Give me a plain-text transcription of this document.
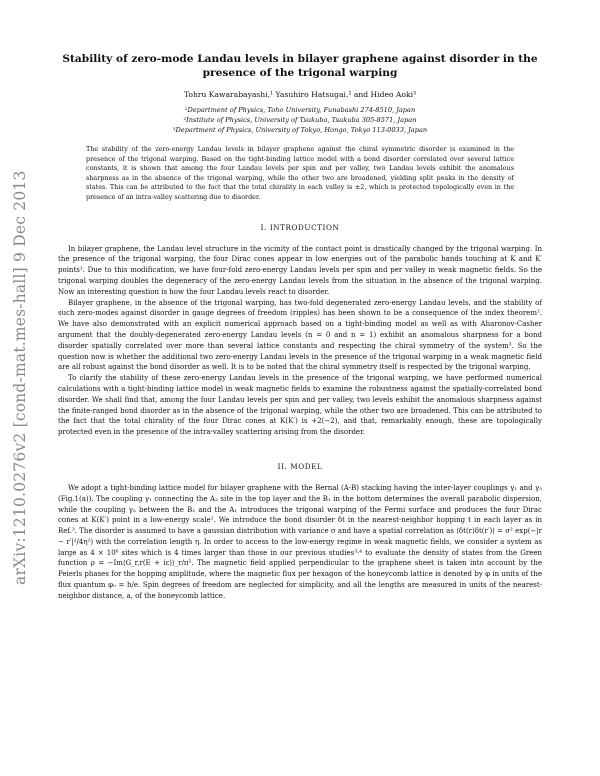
arXiv:1210.0276v2 [cond-mat.mes-hall] 9 Dec 2013
Stability of zero-mode Landau levels in bilayer graphene against disorder in the
presence of the trigonal warping
Tohru Kawarabayashi,¹ Yasuhiro Hatsugai,² and Hideo Aoki³
¹Department of Physics, Toho University, Funabashi 274-8510, Japan
²Institute of Physics, University of Tsukuba, Tsukuba 305-8571, Japan
³Department of Physics, University of Tokyo, Hongo, Tokyo 113-0033, Japan

The stability of the zero-energy Landau levels in bilayer graphene against the chiral symmetric disorder is examined in the presence of the trigonal warping. Based on the tight-binding lattice model with a bond disorder correlated over several lattice constants, it is shown that among the four Landau levels per spin and per valley, two Landau levels exhibit the anomalous sharpness as in the absence of the trigonal warping, while the other two are broadened, yielding split peaks in the density of states. This can be attributed to the fact that the total chirality in each valley is ±2, which is protected topologically even in the presence of an intra-valley scattering due to disorder.

I. INTRODUCTION

In bilayer graphene, the Landau level structure in the vicinity of the contact point is drastically changed by the trigonal warping. In the presence of the trigonal warping, the four Dirac cones appear in low energies out of the parabolic bands touching at K and K′ points¹. Due to this modification, we have four-fold zero-energy Landau levels per spin and per valley in weak magnetic fields. So the trigonal warping doubles the degeneracy of the zero-energy Landau levels from the situation in the absence of the trigonal warping. Now an interesting question is how the four Landau levels react to disorder.

Bilayer graphene, in the absence of the trigonal warping, has two-fold degenerated zero-energy Landau levels, and the stability of such zero-modes against disorder in gauge degrees of freedom (ripples) has been shown to be a consequence of the index theorem². We have also demonstrated with an explicit numerical approach based on a tight-binding model as well as with Aharonov-Casher argument that the doubly-degenerated zero-energy Landau levels (n = 0 and n = 1) exhibit an anomalous sharpness for a bond disorder spatially correlated over more than several lattice constants and respecting the chiral symmetry of the system³. So the question now is whether the additional two zero-energy Landau levels in the presence of the trigonal warping in a weak magnetic field are all robust against the bond disorder as well. It is to be noted that the chiral symmetry itself is respected by the trigonal warping.

To clarify the stability of these zero-energy Landau levels in the presence of the trigonal warping, we have performed numerical calculations with a tight-binding lattice model in weak magnetic fields to examine the robustness against the spatially-correlated bond disorder. We shall find that, among the four Landau levels per spin and per valley, two levels exhibit the anomalous sharpness against the finite-ranged bond disorder as in the absence of the trigonal warping, while the other two are broadened. This can be attributed to the fact that the total chirality of the four Dirac cones at K(K′) is +2(−2), and that, remarkably enough, these are topologically protected even in the presence of the intra-valley scattering arising from the disorder.

II. MODEL

We adopt a tight-binding lattice model for bilayer graphene with the Bernal (A-B) stacking having the inter-layer couplings γ₁ and γ₃ (Fig.1(a)). The coupling γ₁ connecting the A₂ site in the top layer and the B₁ in the bottom determines the overall parabolic dispersion, while the coupling γ₃ between the B₂ and the A₁ introduces the trigonal warping of the Fermi surface and produces the four Dirac cones at K(K′) point in a low-energy scale¹. We introduce the bond disorder δt in the nearest-neighbor hopping t in each layer as in Ref.³. The disorder is assumed to have a gaussian distribution with variance σ and have a spatial correlation as ⟨δt(r)δt(r′)⟩ = σ² exp(−|r − r′|²/4η²) with the correlation length η. In order to access to the low-energy regime in weak magnetic fields, we consider a system as large as 4 × 10⁶ sites which is 4 times larger than those in our previous studies³·⁴ to evaluate the density of states from the Green function ρ = −Im⟨G_r,r(E + iε)⟩_r/π⁵. The magnetic field applied perpendicular to the graphene sheet is taken into account by the Peierls phases for the hopping amplitude, where the magnetic flux per hexagon of the honeycomb lattice is denoted by φ in units of the flux quantum φ₀ = h/e. Spin degrees of freedom are neglected for simplicity, and all the lengths are measured in units of the nearest-neighbor distance, a, of the honeycomb lattice.
